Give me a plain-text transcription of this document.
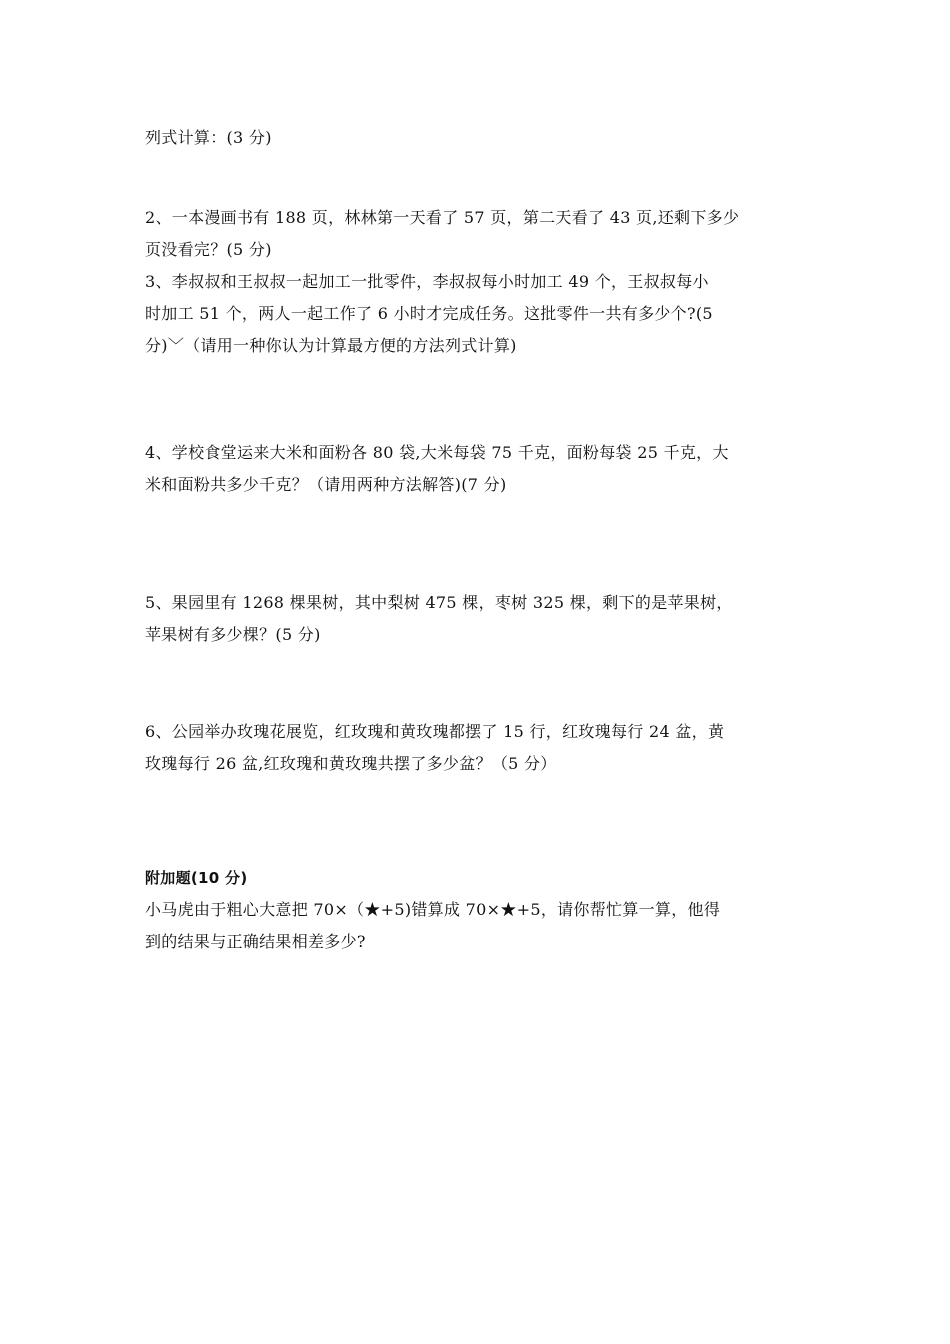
列式计算：(3 分)
2、一本漫画书有 188 页，林林第一天看了 57 页，第二天看了 43 页,还剩下多少
页没看完？(5 分)
3、李叔叔和王叔叔一起加工一批零件，李叔叔每小时加工 49 个，王叔叔每小
时加工 51 个，两人一起工作了 6 小时才完成任务。这批零件一共有多少个?(5
分)﹀（请用一种你认为计算最方便的方法列式计算)
4、学校食堂运来大米和面粉各 80 袋,大米每袋 75 千克，面粉每袋 25 千克，大
米和面粉共多少千克？（请用两种方法解答)(7 分)
5、果园里有 1268 棵果树，其中梨树 475 棵，枣树 325 棵，剩下的是苹果树，
苹果树有多少棵？(5 分)
6、公园举办玫瑰花展览，红玫瑰和黄玫瑰都摆了 15 行，红玫瑰每行 24 盆，黄
玫瑰每行 26 盆,红玫瑰和黄玫瑰共摆了多少盆？（5 分）
附加题(10 分)
小马虎由于粗心大意把 70×（★+5)错算成 70×★+5，请你帮忙算一算，他得
到的结果与正确结果相差多少?
